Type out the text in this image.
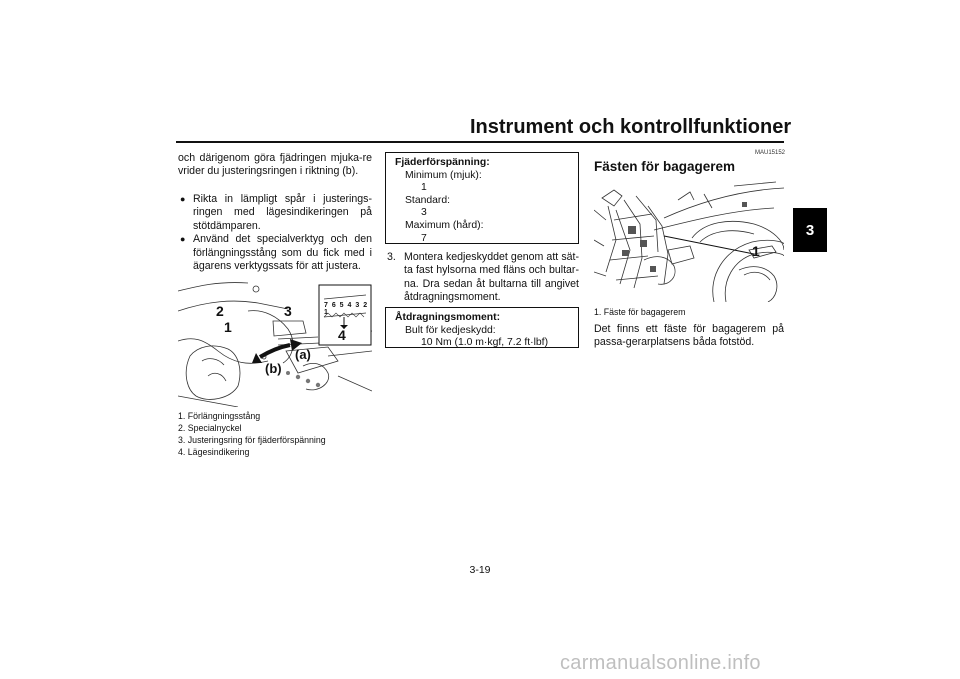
Instrument och kontrollfunktioner
3
och därigenom göra fjädringen mjuka-re vrider du justeringsringen i riktning (b).
● Rikta in lämpligt spår i justerings-ringen med lägesindikeringen på stötdämparen.
● Använd det specialverktyg och den förlängningsstång som du fick med i ägarens verktygssats för att justera.
7 6 5 4 3 2 1
2
1
3
4
(a)
(b)
1. Förlängningsstång
2. Specialnyckel
3. Justeringsring för fjäderförspänning
4. Lägesindikering
Fjäderförspänning:
Minimum (mjuk):
1
Standard:
3
Maximum (hård):
7
3. Montera kedjeskyddet genom att sät-ta fast hylsorna med fläns och bultar-na. Dra sedan åt bultarna till angivet åtdragningsmoment.
Åtdragningsmoment:
Bult för kedjeskydd:
10 Nm (1.0 m·kgf, 7.2 ft·lbf)
MAU15152
Fästen för bagagerem
1
1. Fäste för bagagerem
Det finns ett fäste för bagagerem på passa-gerarplatsens båda fotstöd.
3-19
carmanualsonline.info
